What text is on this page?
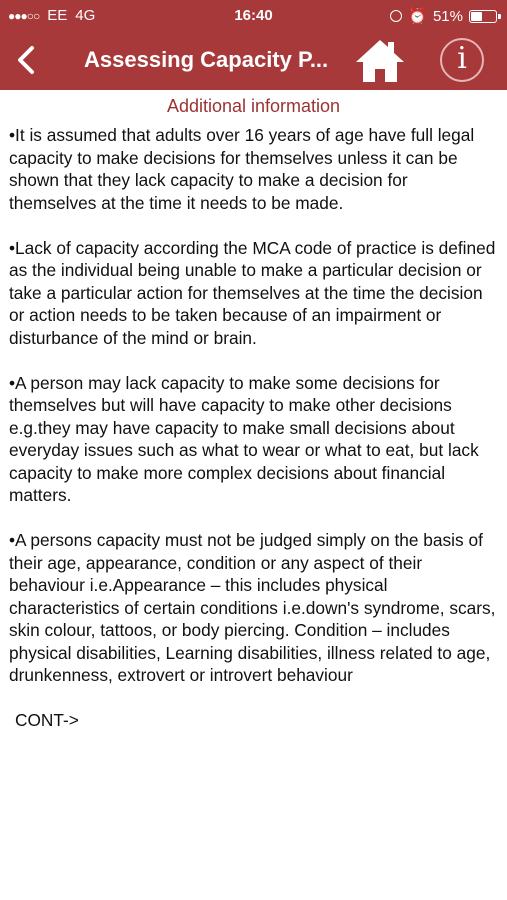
●●●○○ EE 4G	16:40	⏰ 51%
Assessing Capacity P...	i
Additional information

•It is assumed that adults over 16 years of age have full legal capacity to make decisions for themselves unless it can be shown that they lack capacity to make a decision for themselves at the time it needs to be made.

•Lack of capacity according the MCA code of practice is defined as the individual being unable to make a particular decision or take a particular action for themselves at the time the decision or action needs to be taken because of an impairment or disturbance of the mind or brain.

•A person may lack capacity to make some decisions for themselves but will have capacity to make other decisions e.g.they may have capacity to make small decisions about everyday issues such as what to wear or what to eat, but lack capacity to make more complex decisions about financial matters.

•A persons capacity must not be judged simply on the basis of their age, appearance, condition or any aspect of their behaviour i.e.Appearance – this includes physical characteristics of certain conditions i.e.down's syndrome, scars, skin colour, tattoos, or body piercing. Condition – includes physical disabilities, Learning disabilities, illness related to age, drunkenness, extrovert or introvert behaviour

CONT->
